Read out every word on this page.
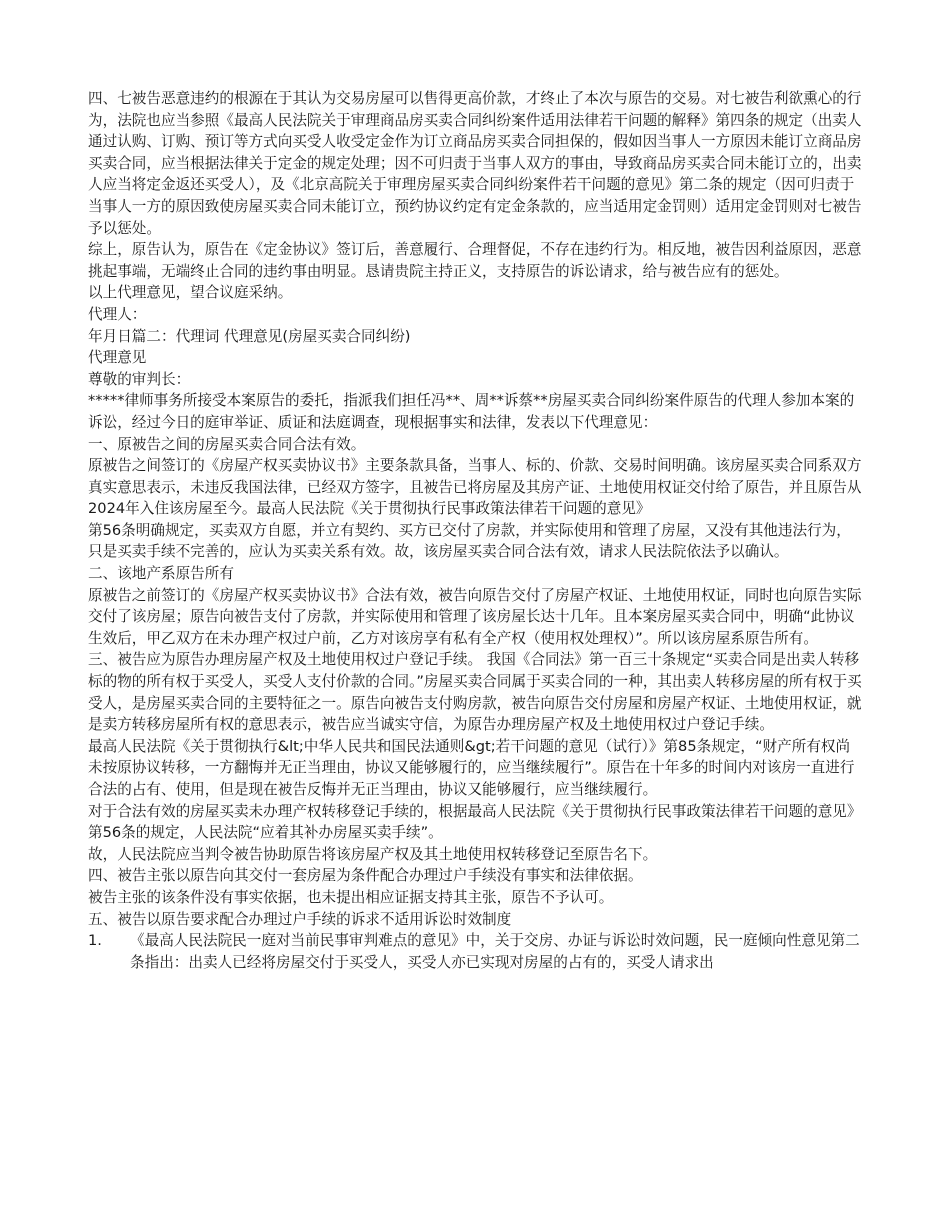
四、七被告恶意违约的根源在于其认为交易房屋可以售得更高价款，才终止了本次与原告的交易。对七被告利欲熏心的行为，法院也应当参照《最高人民法院关于审理商品房买卖合同纠纷案件适用法律若干问题的解释》第四条的规定（出卖人通过认购、订购、预订等方式向买受人收受定金作为订立商品房买卖合同担保的，假如因当事人一方原因未能订立商品房买卖合同，应当根据法律关于定金的规定处理；因不可归责于当事人双方的事由，导致商品房买卖合同未能订立的，出卖人应当将定金返还买受人），及《北京高院关于审理房屋买卖合同纠纷案件若干问题的意见》第二条的规定（因可归责于当事人一方的原因致使房屋买卖合同未能订立，预约协议约定有定金条款的，应当适用定金罚则）适用定金罚则对七被告予以惩处。

综上，原告认为，原告在《定金协议》签订后，善意履行、合理督促，不存在违约行为。相反地，被告因利益原因，恶意挑起事端，无端终止合同的违约事由明显。恳请贵院主持正义，支持原告的诉讼请求，给与被告应有的惩处。

以上代理意见，望合议庭采纳。

代理人：

年月日篇二：代理词 代理意见(房屋买卖合同纠纷)

代理意见

尊敬的审判长：

*****律师事务所接受本案原告的委托，指派我们担任冯**、周**诉蔡**房屋买卖合同纠纷案件原告的代理人参加本案的诉讼，经过今日的庭审举证、质证和法庭调查，现根据事实和法律，发表以下代理意见：

一、原被告之间的房屋买卖合同合法有效。

原被告之间签订的《房屋产权买卖协议书》主要条款具备，当事人、标的、价款、交易时间明确。该房屋买卖合同系双方真实意思表示，未违反我国法律，已经双方签字，且被告已将房屋及其房产证、土地使用权证交付给了原告，并且原告从2024年入住该房屋至今。最高人民法院《关于贯彻执行民事政策法律若干问题的意见》

第56条明确规定，买卖双方自愿，并立有契约、买方已交付了房款，并实际使用和管理了房屋，又没有其他违法行为，只是买卖手续不完善的，应认为买卖关系有效。故，该房屋买卖合同合法有效，请求人民法院依法予以确认。

二、该地产系原告所有

原被告之前签订的《房屋产权买卖协议书》合法有效，被告向原告交付了房屋产权证、土地使用权证，同时也向原告实际交付了该房屋；原告向被告支付了房款，并实际使用和管理了该房屋长达十几年。且本案房屋买卖合同中，明确“此协议生效后，甲乙双方在未办理产权过户前，乙方对该房享有私有全产权（使用权处理权）”。所以该房屋系原告所有。

三、被告应为原告办理房屋产权及土地使用权过户登记手续。 我国《合同法》第一百三十条规定“买卖合同是出卖人转移标的物的所有权于买受人，买受人支付价款的合同。”房屋买卖合同属于买卖合同的一种，其出卖人转移房屋的所有权于买受人，是房屋买卖合同的主要特征之一。原告向被告支付购房款，被告向原告交付房屋和房屋产权证、土地使用权证，就是卖方转移房屋所有权的意思表示，被告应当诚实守信，为原告办理房屋产权及土地使用权过户登记手续。

最高人民法院《关于贯彻执行&lt;中华人民共和国民法通则&gt;若干问题的意见（试行）》第85条规定，“财产所有权尚未按原协议转移，一方翻悔并无正当理由，协议又能够履行的，应当继续履行”。原告在十年多的时间内对该房一直进行合法的占有、使用，但是现在被告反悔并无正当理由，协议又能够履行，应当继续履行。

对于合法有效的房屋买卖未办理产权转移登记手续的，根据最高人民法院《关于贯彻执行民事政策法律若干问题的意见》第56条的规定，人民法院“应着其补办房屋买卖手续”。

故，人民法院应当判令被告协助原告将该房屋产权及其土地使用权转移登记至原告名下。

四、被告主张以原告向其交付一套房屋为条件配合办理过户手续没有事实和法律依据。

被告主张的该条件没有事实依据，也未提出相应证据支持其主张，原告不予认可。

五、被告以原告要求配合办理过户手续的诉求不适用诉讼时效制度

1.	《最高人民法院民一庭对当前民事审判难点的意见》中，关于交房、办证与诉讼时效问题，民一庭倾向性意见第二条指出：出卖人已经将房屋交付于买受人，买受人亦已实现对房屋的占有的，买受人请求出
